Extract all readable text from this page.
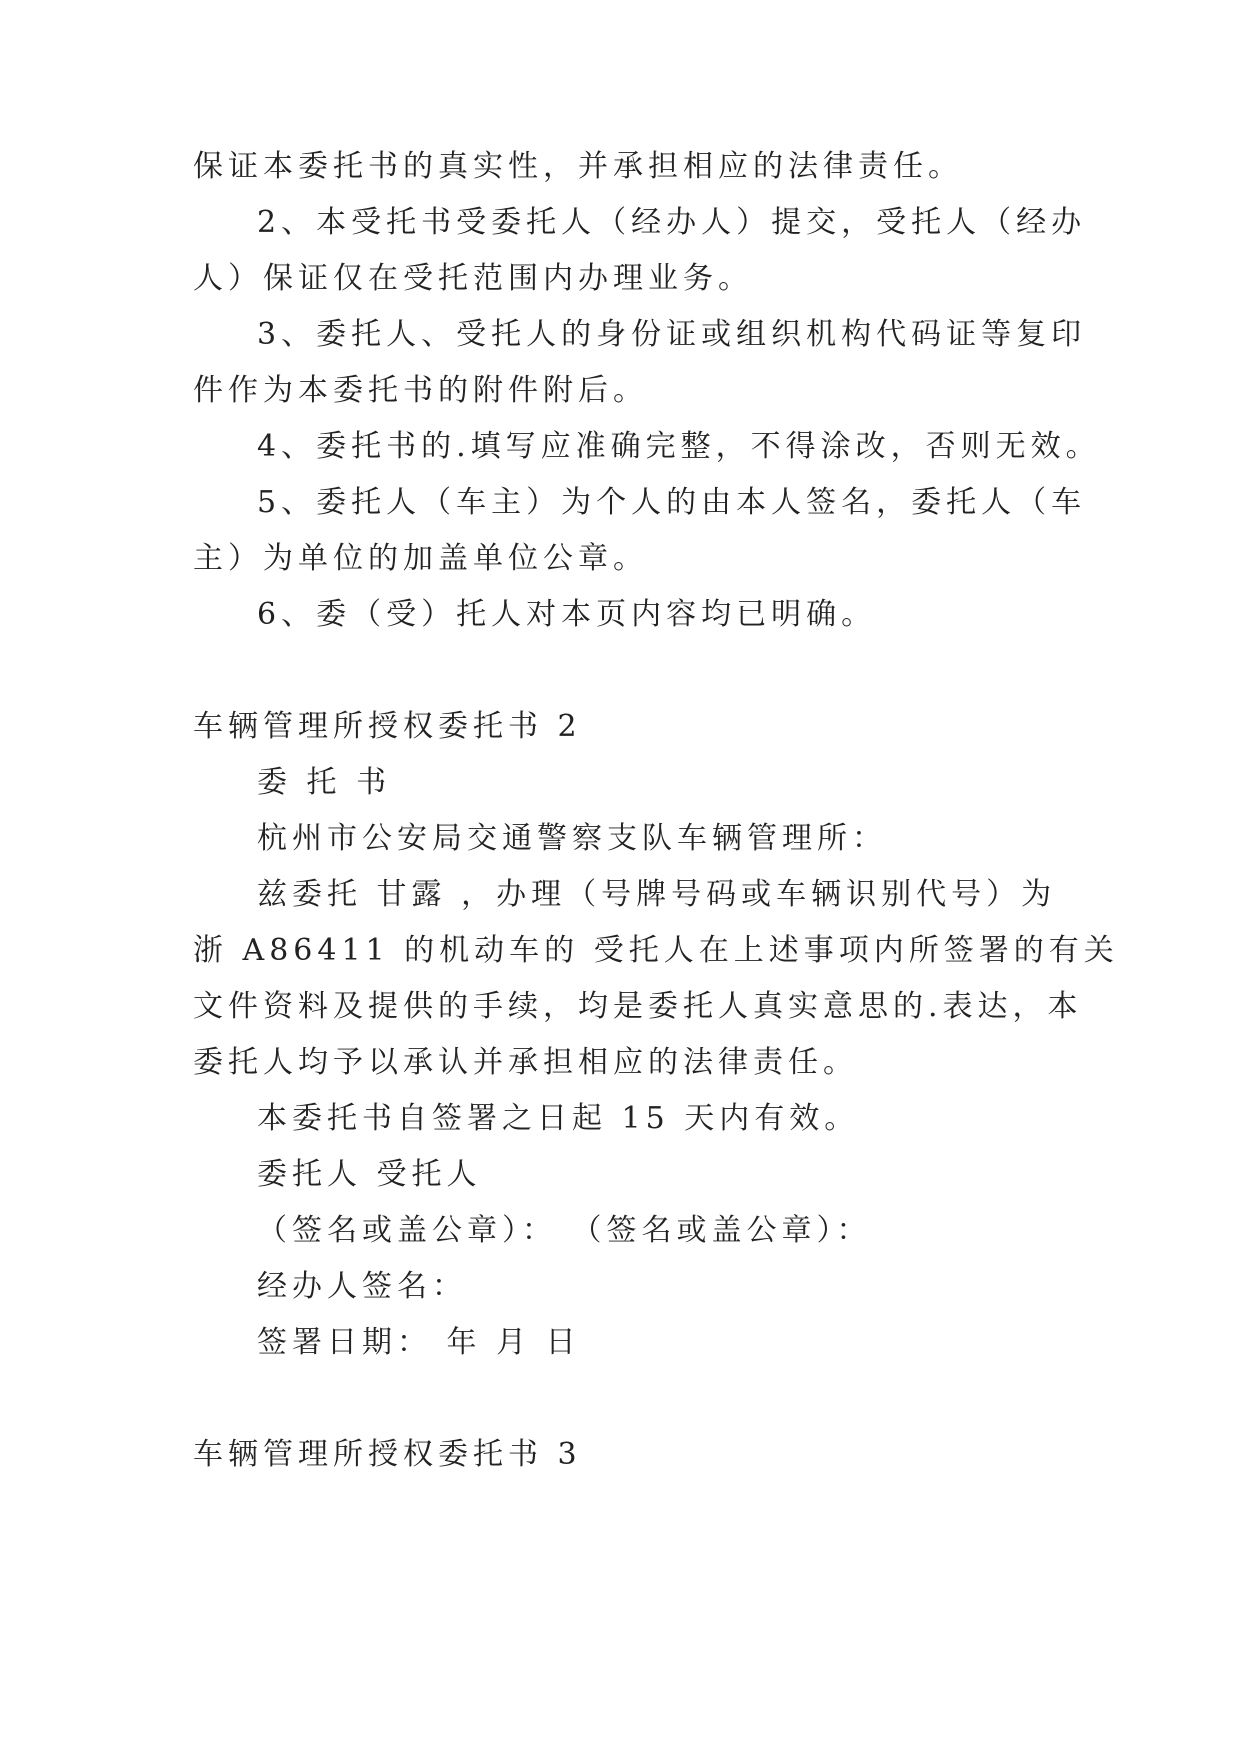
保证本委托书的真实性，并承担相应的法律责任。
2、本受托书受委托人（经办人）提交，受托人（经办
人）保证仅在受托范围内办理业务。
3、委托人、受托人的身份证或组织机构代码证等复印
件作为本委托书的附件附后。
4、委托书的.填写应准确完整，不得涂改，否则无效。
5、委托人（车主）为个人的由本人签名，委托人（车
主）为单位的加盖单位公章。
6、委（受）托人对本页内容均已明确。
车辆管理所授权委托书 2
委 托 书
杭州市公安局交通警察支队车辆管理所：
兹委托 甘露 ，办理（号牌号码或车辆识别代号）为
浙 A86411 的机动车的 受托人在上述事项内所签署的有关
文件资料及提供的手续，均是委托人真实意思的.表达，本
委托人均予以承认并承担相应的法律责任。
本委托书自签署之日起 15 天内有效。
委托人 受托人
（签名或盖公章）： （签名或盖公章）：
经办人签名：
签署日期： 年 月 日
车辆管理所授权委托书 3
